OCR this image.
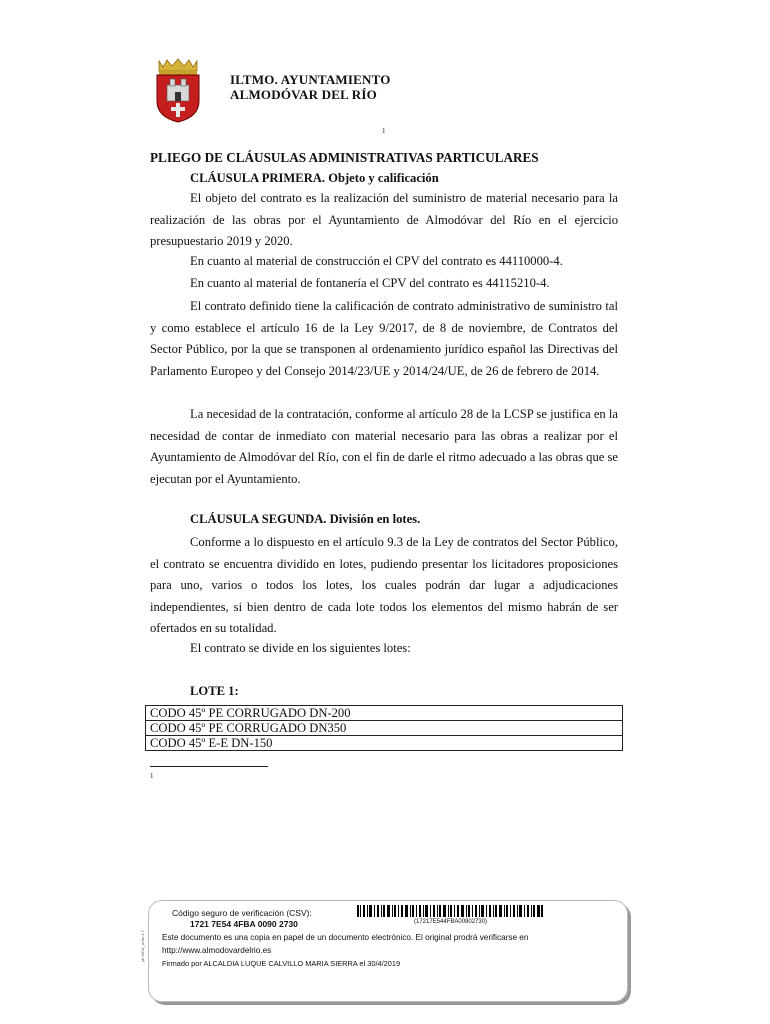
ILTMO. AYUNTAMIENTO
ALMODÓVAR DEL RÍO
1
PLIEGO DE CLÁUSULAS ADMINISTRATIVAS PARTICULARES
CLÁUSULA PRIMERA. Objeto y calificación
El objeto del contrato es la realización del suministro de material necesario para la realización de las obras por el Ayuntamiento de Almodóvar del Río en el ejercicio presupuestario 2019 y 2020.
En cuanto al material de construcción el CPV del contrato es 44110000-4.
En cuanto al material de fontanería el CPV del contrato es 44115210-4.
El contrato definido tiene la calificación de contrato administrativo de suministro tal y como establece el artículo 16 de la Ley 9/2017, de 8 de noviembre, de Contratos del Sector Público, por la que se transponen al ordenamiento jurídico español las Directivas del Parlamento Europeo y del Consejo 2014/23/UE y 2014/24/UE, de 26 de febrero de 2014.
La necesidad de la contratación, conforme al artículo 28 de la LCSP se justifica en la necesidad de contar de inmediato con material necesario para las obras a realizar por el Ayuntamiento de Almodóvar del Río, con el fin de darle el ritmo adecuado a las obras que se ejecutan por el Ayuntamiento.
CLÁUSULA SEGUNDA. División en lotes.
Conforme a lo dispuesto en el artículo 9.3 de la Ley de contratos del Sector Público, el contrato se encuentra dividido en lotes, pudiendo presentar los licitadores proposiciones para uno, varios o todos los lotes, los cuales podrán dar lugar a adjudicaciones independientes, si bien dentro de cada lote todos los elementos del mismo habrán de ser ofertados en su totalidad.
El contrato se divide en los siguientes lotes:
LOTE 1:
CODO 45º PE CORRUGADO DN-200
CODO 45º PE CORRUGADO DN350
CODO 45º E-E DN-150
1
Código seguro de verificación (CSV):
1721 7E54 4FBA 0090 2730	(17217E544FBA00902730)
Este documento es una copia en papel de un documento electrónico. El original prodrá verificarse en
http://www.almodovardelrio.es
Firmado por ALCALDIA LUQUE CALVILLO MARIA SIERRA el 30/4/2019
pk.MCA_al.fm 1.7
